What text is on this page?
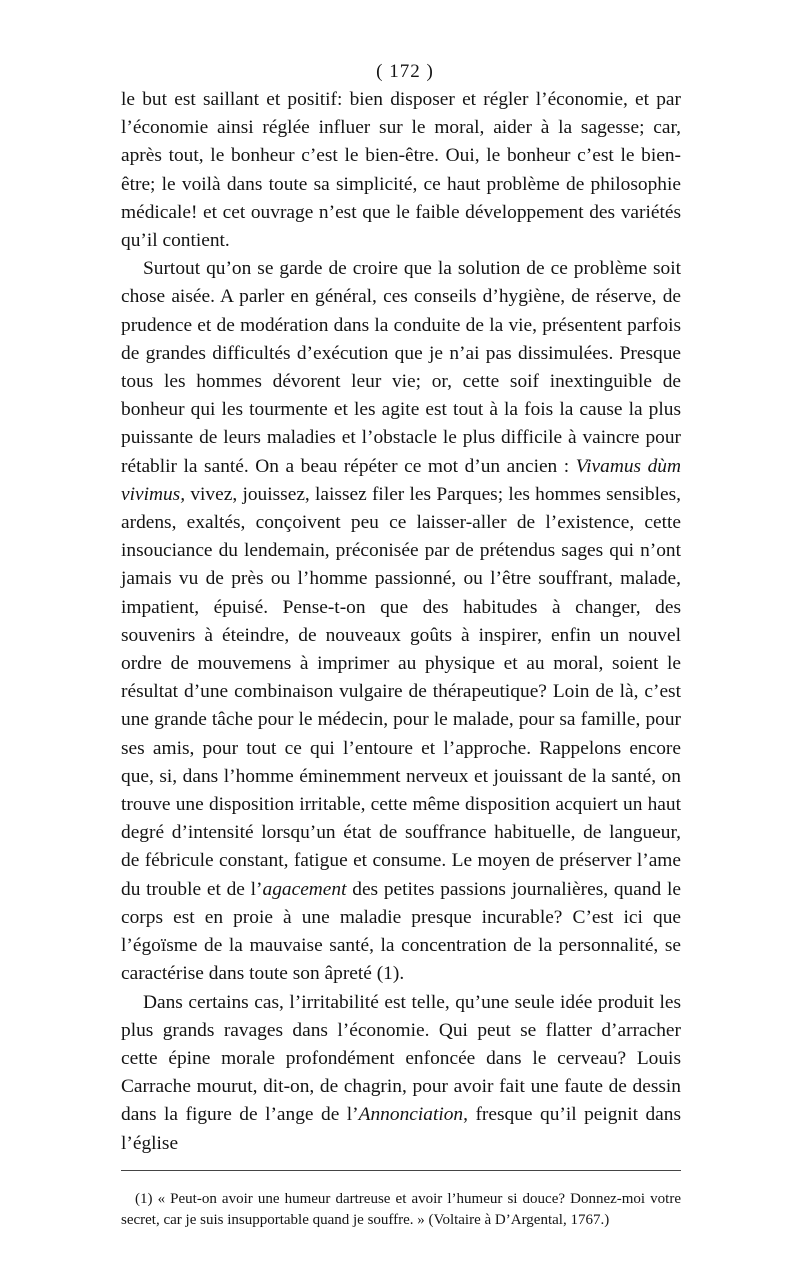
( 172 )

le but est saillant et positif: bien disposer et régler l’économie, et par l’économie ainsi réglée influer sur le moral, aider à la sagesse; car, après tout, le bonheur c’est le bien-être. Oui, le bonheur c’est le bien-être; le voilà dans toute sa simplicité, ce haut problème de philosophie médicale! et cet ouvrage n’est que le faible développement des variétés qu’il contient.

Surtout qu’on se garde de croire que la solution de ce problème soit chose aisée. A parler en général, ces conseils d’hygiène, de réserve, de prudence et de modération dans la conduite de la vie, présentent parfois de grandes difficultés d’exécution que je n’ai pas dissimulées. Presque tous les hommes dévorent leur vie; or, cette soif inextinguible de bonheur qui les tourmente et les agite est tout à la fois la cause la plus puissante de leurs maladies et l’obstacle le plus difficile à vaincre pour rétablir la santé. On a beau répéter ce mot d’un ancien : Vivamus dùm vivimus, vivez, jouissez, laissez filer les Parques; les hommes sensibles, ardens, exaltés, conçoivent peu ce laisser-aller de l’existence, cette insouciance du lendemain, préconisée par de prétendus sages qui n’ont jamais vu de près ou l’homme passionné, ou l’être souffrant, malade, impatient, épuisé. Pense-t-on que des habitudes à changer, des souvenirs à éteindre, de nouveaux goûts à inspirer, enfin un nouvel ordre de mouvemens à imprimer au physique et au moral, soient le résultat d’une combinaison vulgaire de thérapeutique? Loin de là, c’est une grande tâche pour le médecin, pour le malade, pour sa famille, pour ses amis, pour tout ce qui l’entoure et l’approche. Rappelons encore que, si, dans l’homme éminemment nerveux et jouissant de la santé, on trouve une disposition irritable, cette même disposition acquiert un haut degré d’intensité lorsqu’un état de souffrance habituelle, de langueur, de fébricule constant, fatigue et consume. Le moyen de préserver l’ame du trouble et de l’agacement des petites passions journalières, quand le corps est en proie à une maladie presque incurable? C’est ici que l’égoïsme de la mauvaise santé, la concentration de la personnalité, se caractérise dans toute son âpreté (1).

Dans certains cas, l’irritabilité est telle, qu’une seule idée produit les plus grands ravages dans l’économie. Qui peut se flatter d’arracher cette épine morale profondément enfoncée dans le cerveau? Louis Carrache mourut, dit-on, de chagrin, pour avoir fait une faute de dessin dans la figure de l’ange de l’Annonciation, fresque qu’il peignit dans l’église

(1) « Peut-on avoir une humeur dartreuse et avoir l’humeur si douce? Donnez-moi votre secret, car je suis insupportable quand je souffre. » (Voltaire à D’Argental, 1767.)
